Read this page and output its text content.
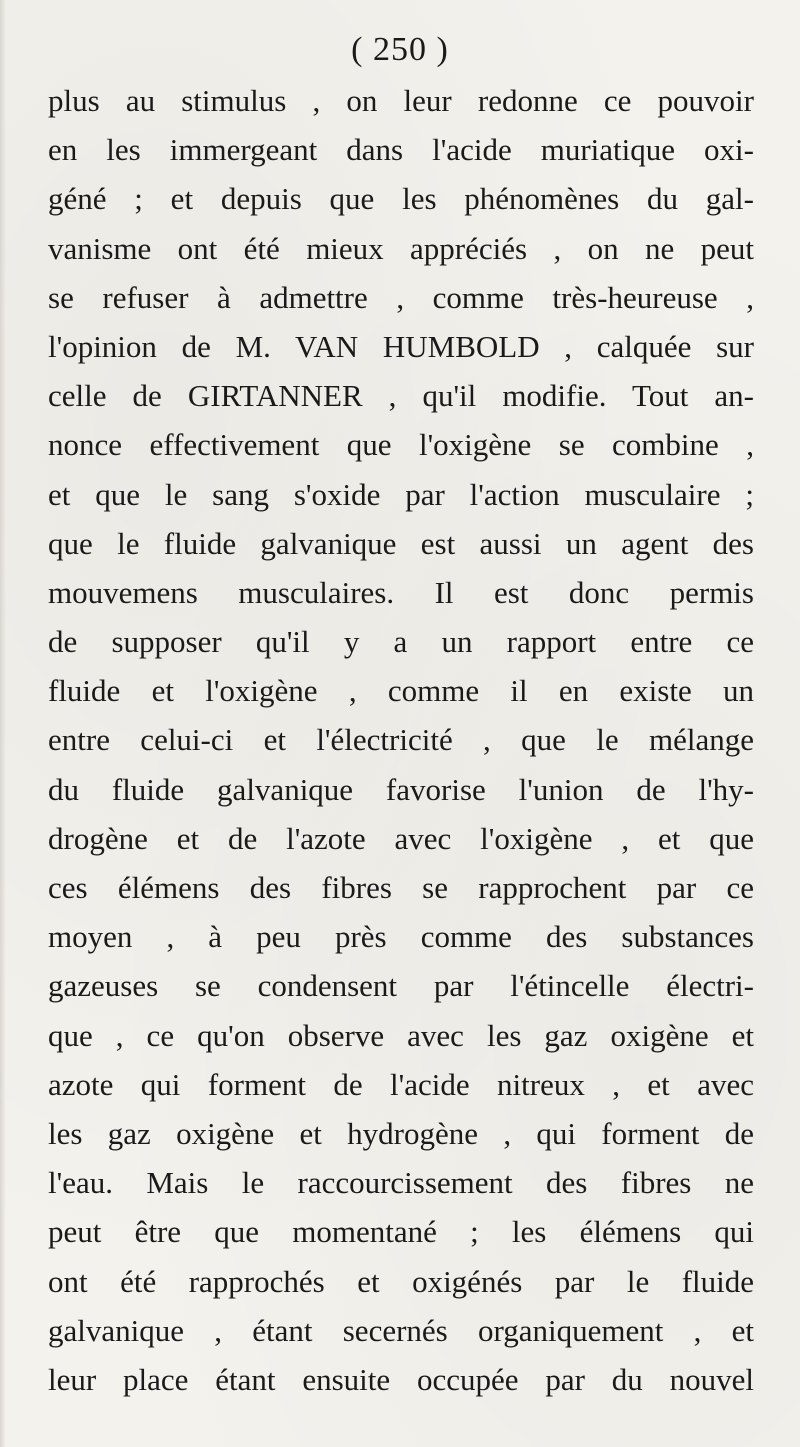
( 250 )
plus au stimulus , on leur redonne ce pouvoir
en les immergeant dans l'acide muriatique oxi-
géné ; et depuis que les phénomènes du gal-
vanisme ont été mieux appréciés , on ne peut
se refuser à admettre , comme très-heureuse ,
l'opinion de M. VAN HUMBOLD , calquée sur
celle de GIRTANNER , qu'il modifie. Tout an-
nonce effectivement que l'oxigène se combine ,
et que le sang s'oxide par l'action musculaire ;
que le fluide galvanique est aussi un agent des
mouvemens musculaires. Il est donc permis
de supposer qu'il y a un rapport entre ce
fluide et l'oxigène , comme il en existe un
entre celui-ci et l'électricité , que le mélange
du fluide galvanique favorise l'union de l'hy-
drogène et de l'azote avec l'oxigène , et que
ces élémens des fibres se rapprochent par ce
moyen , à peu près comme des substances
gazeuses se condensent par l'étincelle électri-
que , ce qu'on observe avec les gaz oxigène et
azote qui forment de l'acide nitreux , et avec
les gaz oxigène et hydrogène , qui forment de
l'eau. Mais le raccourcissement des fibres ne
peut être que momentané ; les élémens qui
ont été rapprochés et oxigénés par le fluide
galvanique , étant secernés organiquement , et
leur place étant ensuite occupée par du nouvel
